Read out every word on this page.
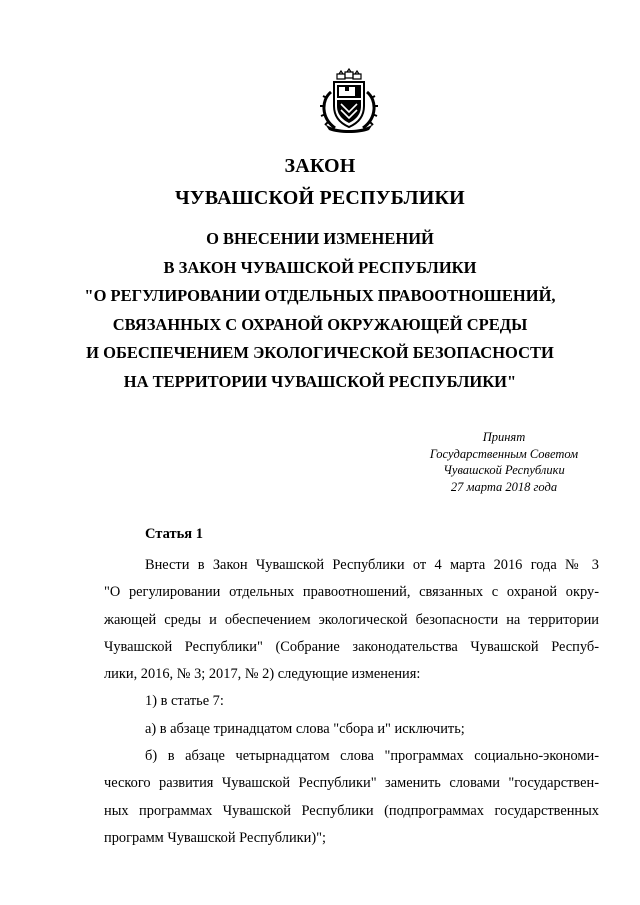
ЗАКОН
ЧУВАШСКОЙ РЕСПУБЛИКИ
О ВНЕСЕНИИ ИЗМЕНЕНИЙ
В ЗАКОН ЧУВАШСКОЙ РЕСПУБЛИКИ
"О РЕГУЛИРОВАНИИ ОТДЕЛЬНЫХ ПРАВООТНОШЕНИЙ,
СВЯЗАННЫХ С ОХРАНОЙ ОКРУЖАЮЩЕЙ СРЕДЫ
И ОБЕСПЕЧЕНИЕМ ЭКОЛОГИЧЕСКОЙ БЕЗОПАСНОСТИ
НА ТЕРРИТОРИИ ЧУВАШСКОЙ РЕСПУБЛИКИ"
Принят
Государственным Советом
Чувашской Республики
27 марта 2018 года
Статья 1

Внести в Закон Чувашской Республики от 4 марта 2016 года № 3

"О регулировании отдельных правоотношений, связанных с охраной окру-

жающей среды и обеспечением экологической безопасности на территории

Чувашской Республики" (Собрание законодательства Чувашской Респуб-

лики, 2016, № 3; 2017, № 2) следующие изменения:

1) в статье 7:

а) в абзаце тринадцатом слова "сбора и" исключить;

б) в абзаце четырнадцатом слова "программах социально-экономи-

ческого развития Чувашской Республики" заменить словами "государствен-

ных программах Чувашской Республики (подпрограммах государственных

программ Чувашской Республики)";
